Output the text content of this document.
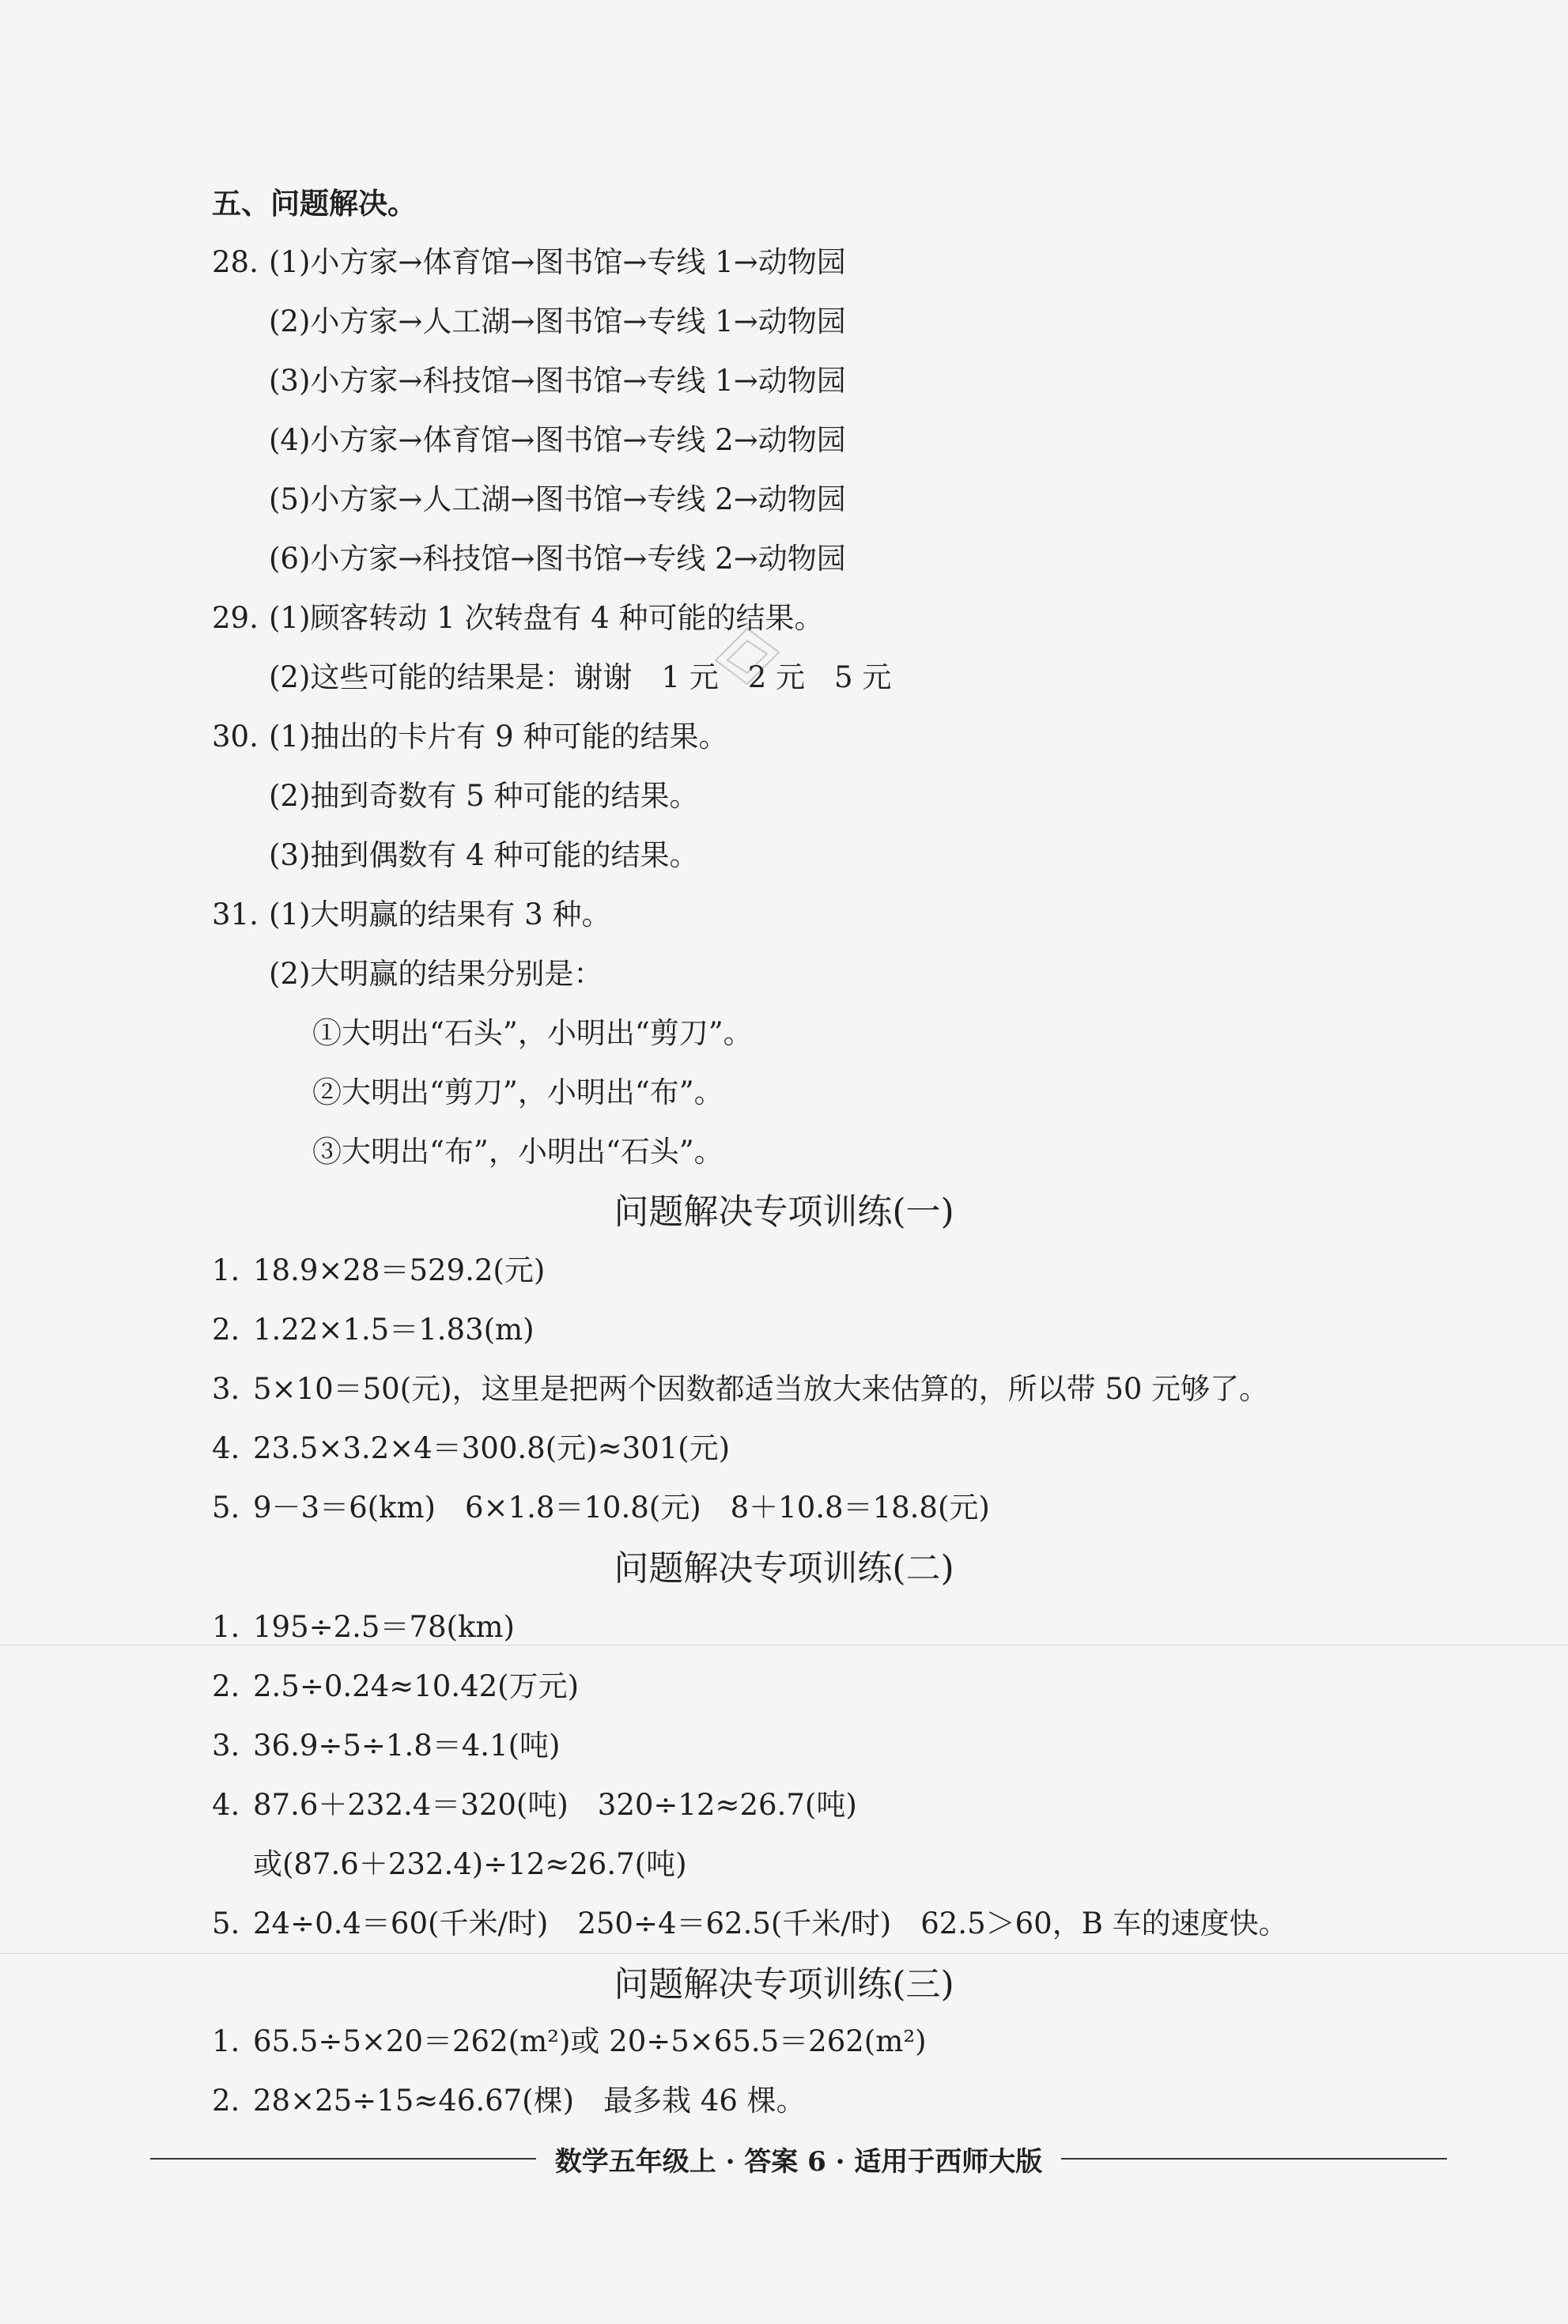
五、问题解决。
28. (1)小方家→体育馆→图书馆→专线 1→动物园
(2)小方家→人工湖→图书馆→专线 1→动物园
(3)小方家→科技馆→图书馆→专线 1→动物园
(4)小方家→体育馆→图书馆→专线 2→动物园
(5)小方家→人工湖→图书馆→专线 2→动物园
(6)小方家→科技馆→图书馆→专线 2→动物园
29. (1)顾客转动 1 次转盘有 4 种可能的结果。
(2)这些可能的结果是：谢谢　1 元　2 元　5 元
30. (1)抽出的卡片有 9 种可能的结果。
(2)抽到奇数有 5 种可能的结果。
(3)抽到偶数有 4 种可能的结果。
31. (1)大明赢的结果有 3 种。
(2)大明赢的结果分别是：
①大明出“石头”，小明出“剪刀”。
②大明出“剪刀”，小明出“布”。
③大明出“布”，小明出“石头”。
问题解决专项训练(一)
1. 18.9×28＝529.2(元)
2. 1.22×1.5＝1.83(m)
3. 5×10＝50(元)，这里是把两个因数都适当放大来估算的，所以带 50 元够了。
4. 23.5×3.2×4＝300.8(元)≈301(元)
5. 9－3＝6(km)　6×1.8＝10.8(元)　8＋10.8＝18.8(元)
问题解决专项训练(二)
1. 195÷2.5＝78(km)
2. 2.5÷0.24≈10.42(万元)
3. 36.9÷5÷1.8＝4.1(吨)
4. 87.6＋232.4＝320(吨)　320÷12≈26.7(吨)
或(87.6＋232.4)÷12≈26.7(吨)
5. 24÷0.4＝60(千米/时)　250÷4＝62.5(千米/时)　62.5＞60，B 车的速度快。
问题解决专项训练(三)
1. 65.5÷5×20＝262(m²)或 20÷5×65.5＝262(m²)
2. 28×25÷15≈46.67(棵)　最多栽 46 棵。
数学五年级上 · 答案 6 · 适用于西师大版
